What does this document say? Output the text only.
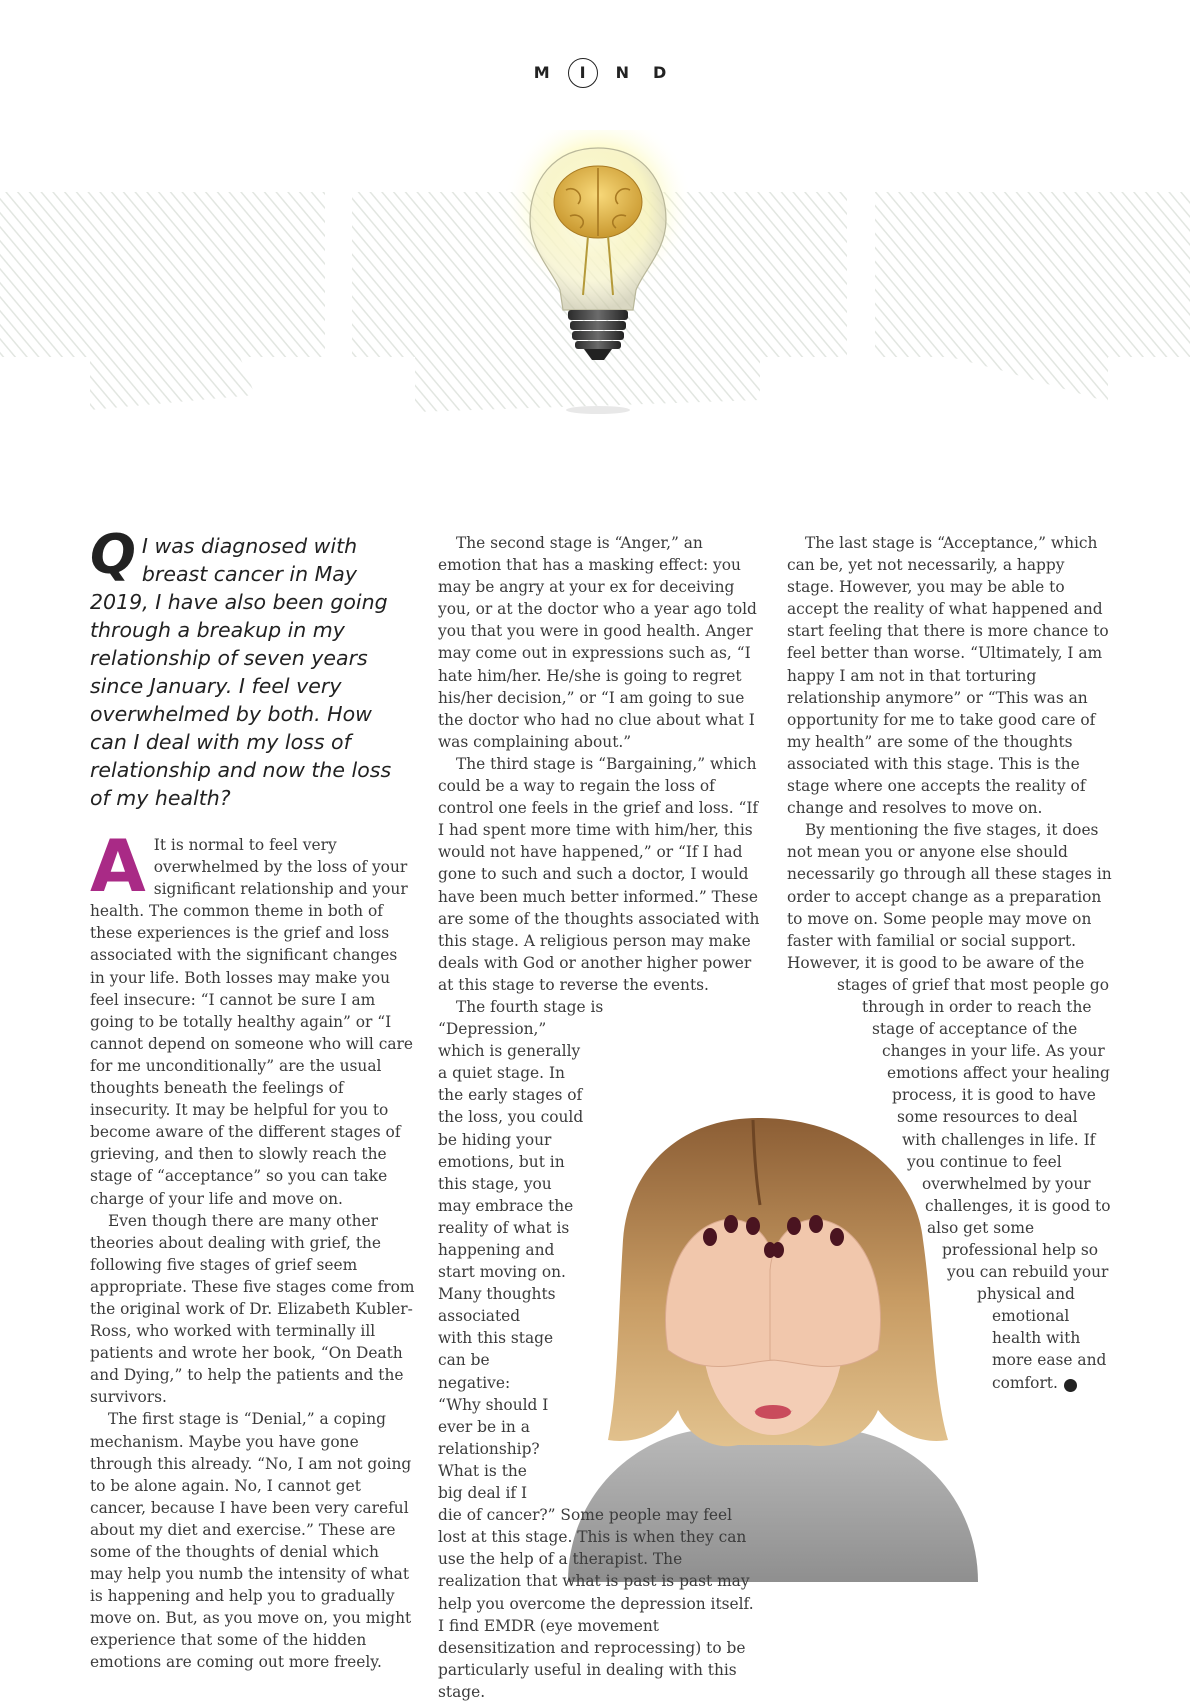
M I N D
Q I was diagnosed with breast cancer in May 2019, I have also been going through a breakup in my relationship of seven years since January. I feel very overwhelmed by both. How can I deal with my loss of relationship and now the loss of my health?

A It is normal to feel very overwhelmed by the loss of your significant relationship and your health. The common theme in both of these experiences is the grief and loss associated with the significant changes in your life. Both losses may make you feel insecure: “I cannot be sure I am going to be totally healthy again” or “I cannot depend on someone who will care for me unconditionally” are the usual thoughts beneath the feelings of insecurity. It may be helpful for you to become aware of the different stages of grieving, and then to slowly reach the stage of “acceptance” so you can take charge of your life and move on.

Even though there are many other theories about dealing with grief, the following five stages of grief seem appropriate. These five stages come from the original work of Dr. Elizabeth Kubler-Ross, who worked with terminally ill patients and wrote her book, “On Death and Dying,” to help the patients and the survivors.

The first stage is “Denial,” a coping mechanism. Maybe you have gone through this already. “No, I am not going to be alone again. No, I cannot get cancer, because I have been very careful about my diet and exercise.” These are some of the thoughts of denial which may help you numb the intensity of what is happening and help you to gradually move on. But, as you move on, you might experience that some of the hidden emotions are coming out more freely.

The second stage is “Anger,” an emotion that has a masking effect: you may be angry at your ex for deceiving you, or at the doctor who a year ago told you that you were in good health. Anger may come out in expressions such as, “I hate him/her. He/she is going to regret his/her decision,” or “I am going to sue the doctor who had no clue about what I was complaining about.”

The third stage is “Bargaining,” which could be a way to regain the loss of control one feels in the grief and loss. “If I had spent more time with him/her, this would not have happened,” or “If I had gone to such and such a doctor, I would have been much better informed.” These are some of the thoughts associated with this stage. A religious person may make deals with God or another higher power at this stage to reverse the events.

The fourth stage is “Depression,” which is generally a quiet stage. In the early stages of the loss, you could be hiding your emotions, but in this stage, you may embrace the reality of what is happening and start moving on. Many thoughts associated with this stage can be negative: “Why should I ever be in a relationship? What is the big deal if I die of cancer?” Some people may feel lost at this stage. This is when they can use the help of a therapist. The realization that what is past is past may help you overcome the depression itself. I find EMDR (eye movement desensitization and reprocessing) to be particularly useful in dealing with this stage.

The last stage is “Acceptance,” which can be, yet not necessarily, a happy stage. However, you may be able to accept the reality of what happened and start feeling that there is more chance to feel better than worse. “Ultimately, I am happy I am not in that torturing relationship anymore” or “This was an opportunity for me to take good care of my health” are some of the thoughts associated with this stage. This is the stage where one accepts the reality of change and resolves to move on.

By mentioning the five stages, it does not mean you or anyone else should necessarily go through all these stages in order to accept change as a preparation to move on. Some people may move on faster with familial or social support. However, it is good to be aware of the stages of grief that most people go through in order to reach the stage of acceptance of the changes in your life. As your emotions affect your healing process, it is good to have some resources to deal with challenges in life. If you continue to feel overwhelmed by your challenges, it is good to also get some professional help so you can rebuild your physical and emotional health with more ease and comfort.	H
